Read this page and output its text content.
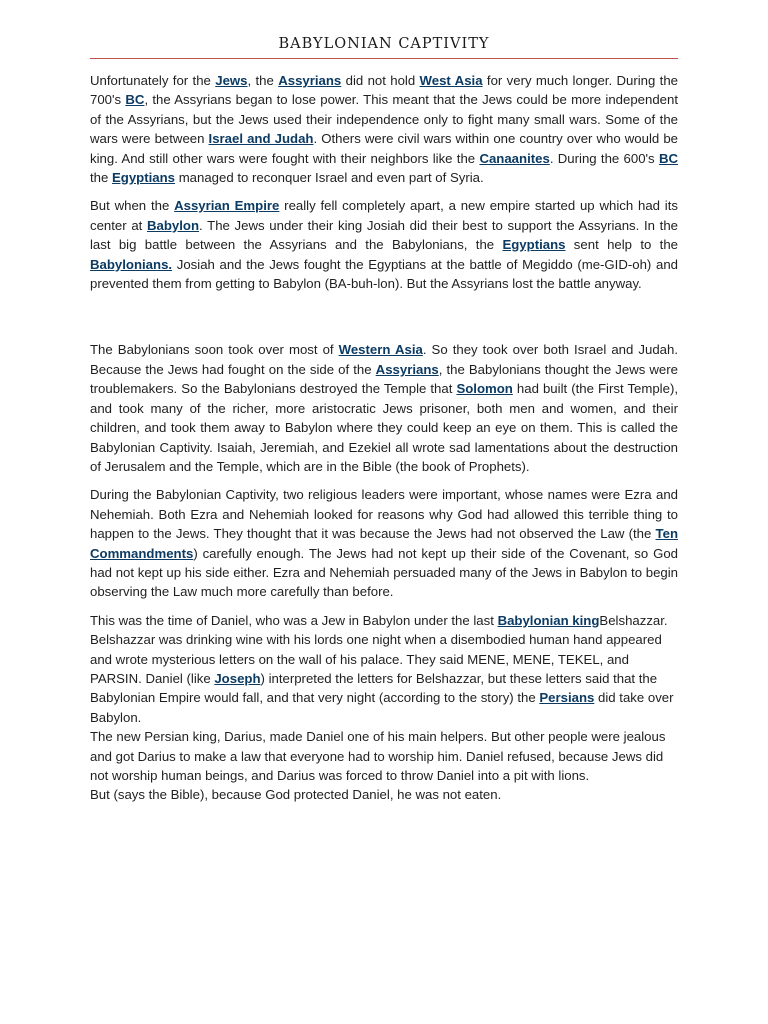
BABYLONIAN CAPTIVITY

Unfortunately for the Jews, the Assyrians did not hold West Asia for very much longer. During the 700's BC, the Assyrians began to lose power. This meant that the Jews could be more independent of the Assyrians, but the Jews used their independence only to fight many small wars. Some of the wars were between Israel and Judah. Others were civil wars within one country over who would be king. And still other wars were fought with their neighbors like the Canaanites. During the 600's BC the Egyptians managed to reconquer Israel and even part of Syria.

But when the Assyrian Empire really fell completely apart, a new empire started up which had its center at Babylon. The Jews under their king Josiah did their best to support the Assyrians. In the last big battle between the Assyrians and the Babylonians, the Egyptians sent help to the Babylonians. Josiah and the Jews fought the Egyptians at the battle of Megiddo (me-GID-oh) and prevented them from getting to Babylon (BA-buh-lon). But the Assyrians lost the battle anyway.

The Babylonians soon took over most of Western Asia. So they took over both Israel and Judah. Because the Jews had fought on the side of the Assyrians, the Babylonians thought the Jews were troublemakers. So the Babylonians destroyed the Temple that Solomon had built (the First Temple), and took many of the richer, more aristocratic Jews prisoner, both men and women, and their children, and took them away to Babylon where they could keep an eye on them. This is called the Babylonian Captivity. Isaiah, Jeremiah, and Ezekiel all wrote sad lamentations about the destruction of Jerusalem and the Temple, which are in the Bible (the book of Prophets).

During the Babylonian Captivity, two religious leaders were important, whose names were Ezra and Nehemiah. Both Ezra and Nehemiah looked for reasons why God had allowed this terrible thing to happen to the Jews. They thought that it was because the Jews had not observed the Law (the Ten Commandments) carefully enough. The Jews had not kept up their side of the Covenant, so God had not kept up his side either. Ezra and Nehemiah persuaded many of the Jews in Babylon to begin observing the Law much more carefully than before.

This was the time of Daniel, who was a Jew in Babylon under the last Babylonian kingBelshazzar. Belshazzar was drinking wine with his lords one night when a disembodied human hand appeared and wrote mysterious letters on the wall of his palace. They said MENE, MENE, TEKEL, and PARSIN. Daniel (like Joseph) interpreted the letters for Belshazzar, but these letters said that the Babylonian Empire would fall, and that very night (according to the story) the Persians did take over Babylon.

The new Persian king, Darius, made Daniel one of his main helpers. But other people were jealous and got Darius to make a law that everyone had to worship him. Daniel refused, because Jews did not worship human beings, and Darius was forced to throw Daniel into a pit with lions.

But (says the Bible), because God protected Daniel, he was not eaten.
